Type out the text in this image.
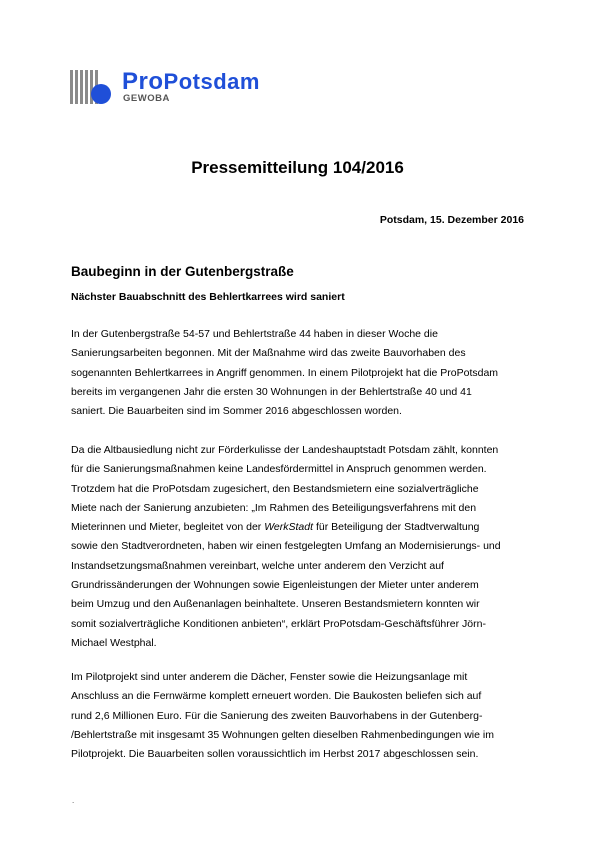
ProPotsdam
GEWOBA
Pressemitteilung 104/2016
Potsdam, 15. Dezember 2016
Baubeginn in der Gutenbergstraße
Nächster Bauabschnitt des Behlertkarrees wird saniert

In der Gutenbergstraße 54-57 und Behlertstraße 44 haben in dieser Woche die

Sanierungsarbeiten begonnen. Mit der Maßnahme wird das zweite Bauvorhaben des

sogenannten Behlertkarrees in Angriff genommen. In einem Pilotprojekt hat die ProPotsdam

bereits im vergangenen Jahr die ersten 30 Wohnungen in der Behlertstraße 40 und 41

saniert. Die Bauarbeiten sind im Sommer 2016 abgeschlossen worden.

Da die Altbausiedlung nicht zur Förderkulisse der Landeshauptstadt Potsdam zählt, konnten

für die Sanierungsmaßnahmen keine Landesfördermittel in Anspruch genommen werden.

Trotzdem hat die ProPotsdam zugesichert, den Bestandsmietern eine sozialverträgliche

Miete nach der Sanierung anzubieten: „Im Rahmen des Beteiligungsverfahrens mit den

Mieterinnen und Mieter, begleitet von der WerkStadt für Beteiligung der Stadtverwaltung

sowie den Stadtverordneten, haben wir einen festgelegten Umfang an Modernisierungs- und

Instandsetzungsmaßnahmen vereinbart, welche unter anderem den Verzicht auf

Grundrissänderungen der Wohnungen sowie Eigenleistungen der Mieter unter anderem

beim Umzug und den Außenanlagen beinhaltete. Unseren Bestandsmietern konnten wir

somit sozialverträgliche Konditionen anbieten“, erklärt ProPotsdam-Geschäftsführer Jörn-

Michael Westphal.

Im Pilotprojekt sind unter anderem die Dächer, Fenster sowie die Heizungsanlage mit

Anschluss an die Fernwärme komplett erneuert worden. Die Baukosten beliefen sich auf

rund 2,6 Millionen Euro. Für die Sanierung des zweiten Bauvorhabens in der Gutenberg-

/Behlertstraße mit insgesamt 35 Wohnungen gelten dieselben Rahmenbedingungen wie im

Pilotprojekt. Die Bauarbeiten sollen voraussichtlich im Herbst 2017 abgeschlossen sein.

.
